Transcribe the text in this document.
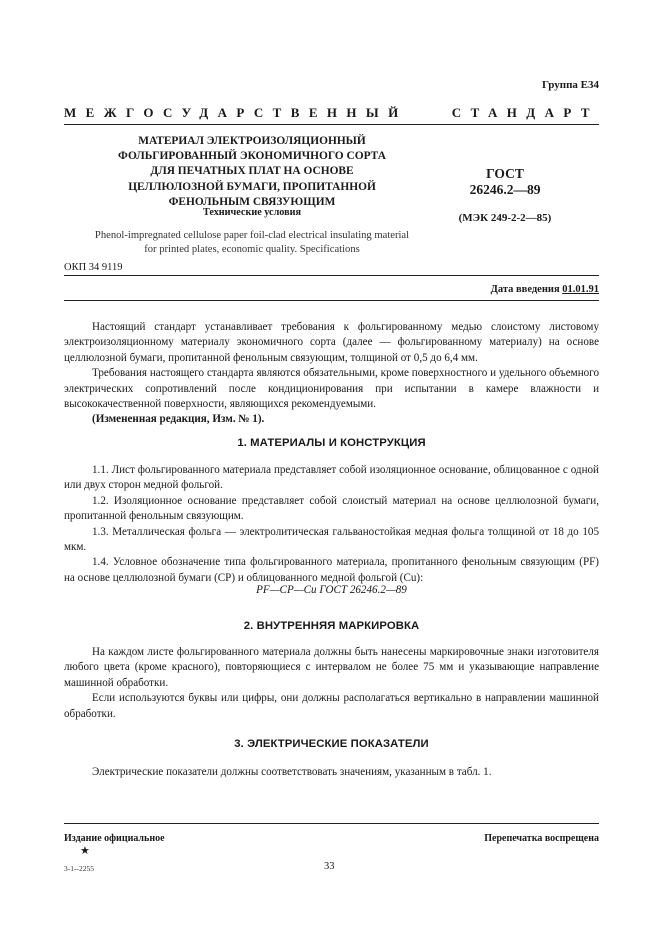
Группа Е34
МЕЖГОСУДАРСТВЕННЫЙ	СТАНДАРТ
МАТЕРИАЛ ЭЛЕКТРОИЗОЛЯЦИОННЫЙ
ФОЛЬГИРОВАННЫЙ ЭКОНОМИЧНОГО СОРТА
ДЛЯ ПЕЧАТНЫХ ПЛАТ НА ОСНОВЕ
ЦЕЛЛЮЛОЗНОЙ БУМАГИ, ПРОПИТАННОЙ
ФЕНОЛЬНЫМ СВЯЗУЮЩИМ
Технические условия
ГОСТ
26246.2—89
(МЭК 249-2-2—85)
Phenol-impregnated cellulose paper foil-clad electrical insulating material
for printed plates, economic quality. Specifications
ОКП 34 9119
Дата введения 01.01.91

Настоящий стандарт устанавливает требования к фольгированному медью слоистому листовому электроизоляционному материалу экономичного сорта (далее — фольгированному материалу) на основе целлюлозной бумаги, пропитанной фенольным связующим, толщиной от 0,5 до 6,4 мм.

Требования настоящего стандарта являются обязательными, кроме поверхностного и удельного объемного электрических сопротивлений после кондиционирования при испытании в камере влажности и высококачественной поверхности, являющихся рекомендуемыми.

(Измененная редакция, Изм. № 1).

1. МАТЕРИАЛЫ И КОНСТРУКЦИЯ

1.1. Лист фольгированного материала представляет собой изоляционное основание, облицованное с одной или двух сторон медной фольгой.

1.2. Изоляционное основание представляет собой слоистый материал на основе целлюлозной бумаги, пропитанной фенольным связующим.

1.3. Металлическая фольга — электролитическая гальваностойкая медная фольга толщиной от 18 до 105 мкм.

1.4. Условное обозначение типа фольгированного материала, пропитанного фенольным связующим (PF) на основе целлюлозной бумаги (СР) и облицованного медной фольгой (Cu):

PF—CP—Cu ГОСТ 26246.2—89
2. ВНУТРЕННЯЯ МАРКИРОВКА

На каждом листе фольгированного материала должны быть нанесены маркировочные знаки изготовителя любого цвета (кроме красного), повторяющиеся с интервалом не более 75 мм и указывающие направление машинной обработки.

Если используются буквы или цифры, они должны располагаться вертикально в направлении машинной обработки.

3. ЭЛЕКТРИЧЕСКИЕ ПОКАЗАТЕЛИ

Электрические показатели должны соответствовать значениям, указанным в табл. 1.

Издание официальное
★
Перепечатка воспрещена
3-1--2255	33
